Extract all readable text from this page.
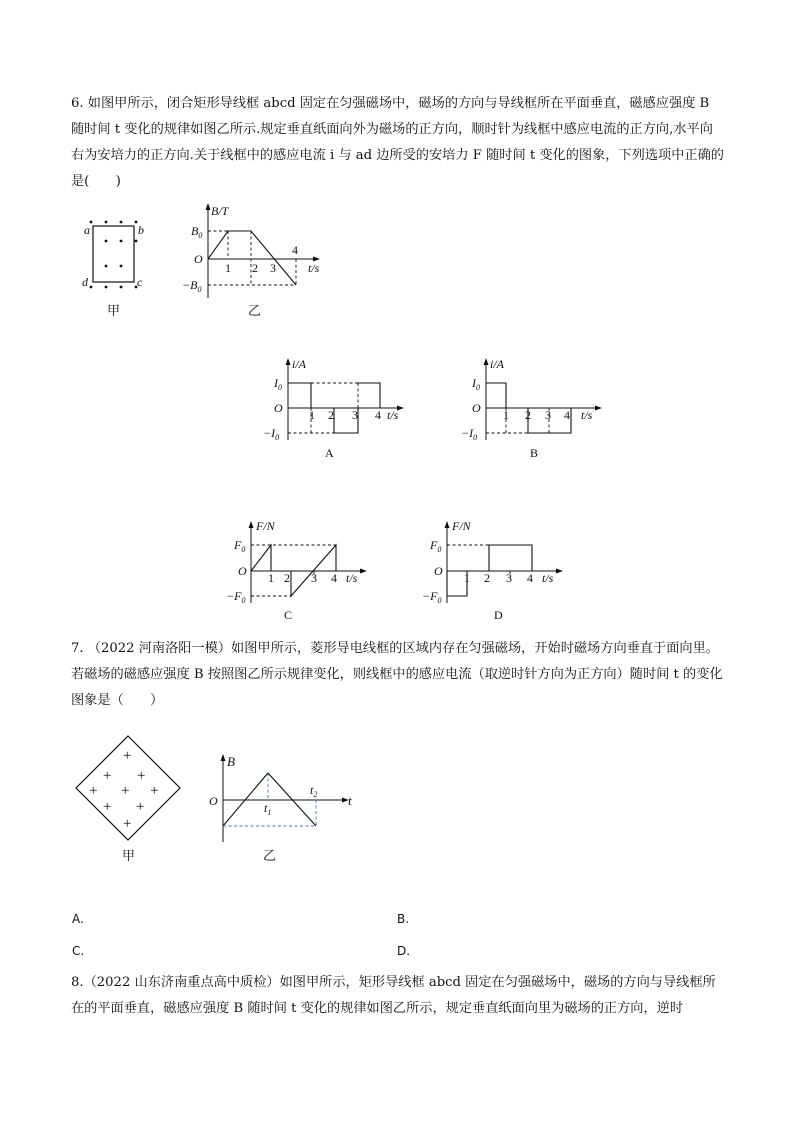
6. 如图甲所示，闭合矩形导线框 abcd 固定在匀强磁场中，磁场的方向与导线框所在平面垂直，磁感应强度 B 随时间 t 变化的规律如图乙所示.规定垂直纸面向外为磁场的正方向，顺时针为线框中感应电流的正方向,水平向右为安培力的正方向.关于线框中的感应电流 i 与 ad 边所受的安培力 F 随时间 t 变化的图象，下列选项中正确的是(　　)
a	b
d	c
甲
B/T
$B_0$
O
$-B_0$
1 2 3
4
t/s
乙
i/A
$I_0$
O
$-I_0$
1 2 3 4 t/s
A
i/A
$I_0$
O
$-I_0$
1 2 3 4 t/s
B
F/N
$F_0$
O
$-F_0$
1 2 3 4 t/s
C
F/N
$F_0$
O
$-F_0$
1 2 3 4 t/s
D
7. （2022 河南洛阳一模）如图甲所示，菱形导电线框的区域内存在匀强磁场，开始时磁场方向垂直于面向里。若磁场的磁感应强度 B 按照图乙所示规律变化，则线框中的感应电流（取逆时针方向为正方向）随时间 t 的变化图象是（　　）
+
+ +
+ + +
+ +
+
甲
B
O	$t_1$
$t_2$ t
乙
A.	B.
C.	D.
8.（2022 山东济南重点高中质检）如图甲所示，矩形导线框 abcd 固定在匀强磁场中，磁场的方向与导线框所在的平面垂直，磁感应强度 B 随时间 t 变化的规律如图乙所示，规定垂直纸面向里为磁场的正方向，逆时
